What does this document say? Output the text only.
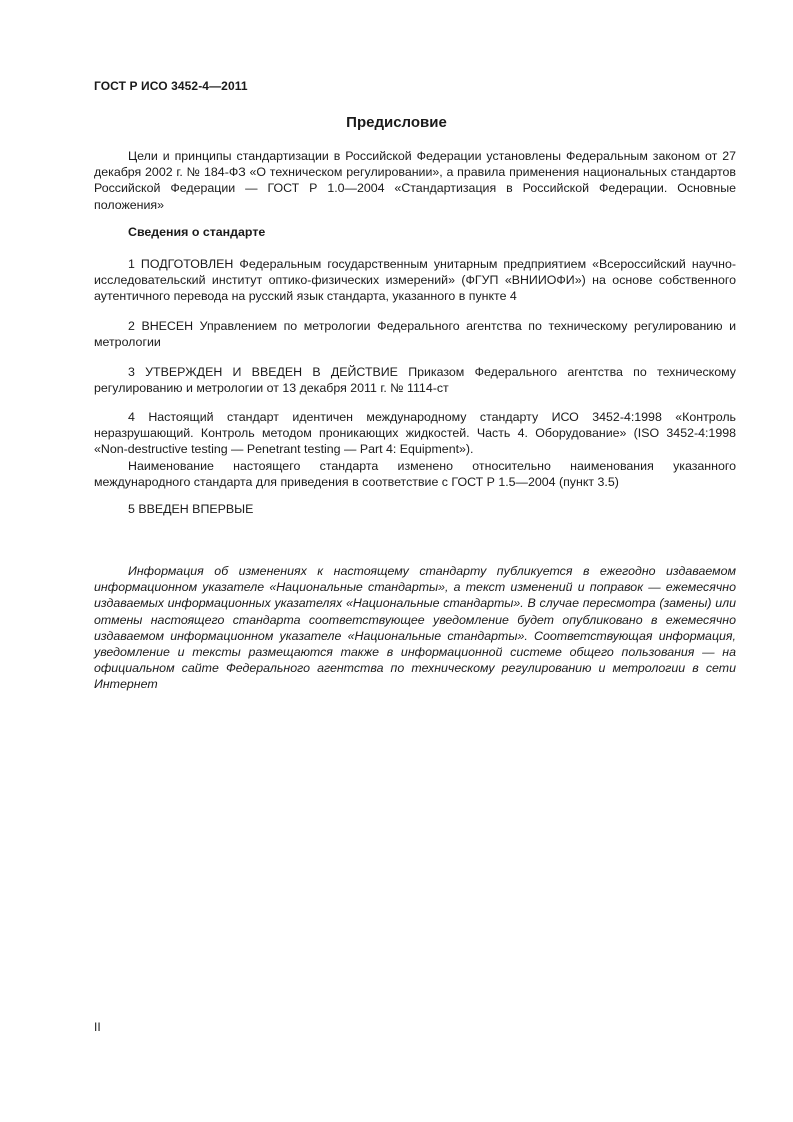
ГОСТ Р ИСО 3452-4—2011
Предисловие

Цели и принципы стандартизации в Российской Федерации установлены Федеральным законом от 27 декабря 2002 г. № 184-ФЗ «О техническом регулировании», а правила применения национальных стандартов Российской Федерации — ГОСТ Р 1.0—2004 «Стандартизация в Российской Федерации. Основные положения»

Сведения о стандарте

1 ПОДГОТОВЛЕН Федеральным государственным унитарным предприятием «Всероссийский научно-исследовательский институт оптико-физических измерений» (ФГУП «ВНИИОФИ») на основе собственного аутентичного перевода на русский язык стандарта, указанного в пункте 4

2 ВНЕСЕН Управлением по метрологии Федерального агентства по техническому регулированию и метрологии

3 УТВЕРЖДЕН И ВВЕДЕН В ДЕЙСТВИЕ Приказом Федерального агентства по техническому регулированию и метрологии от 13 декабря 2011 г. № 1114-ст

4 Настоящий стандарт идентичен международному стандарту ИСО 3452-4:1998 «Контроль неразрушающий. Контроль методом проникающих жидкостей. Часть 4. Оборудование» (ISO 3452-4:1998 «Non-destructive testing — Penetrant testing — Part 4: Equipment»).

Наименование настоящего стандарта изменено относительно наименования указанного международного стандарта для приведения в соответствие с ГОСТ Р 1.5—2004 (пункт 3.5)

5 ВВЕДЕН ВПЕРВЫЕ

Информация об изменениях к настоящему стандарту публикуется в ежегодно издаваемом информационном указателе «Национальные стандарты», а текст изменений и поправок — ежемесячно издаваемых информационных указателях «Национальные стандарты». В случае пересмотра (замены) или отмены настоящего стандарта соответствующее уведомление будет опубликовано в ежемесячно издаваемом информационном указателе «Национальные стандарты». Соответствующая информация, уведомление и тексты размещаются также в информационной системе общего пользования — на официальном сайте Федерального агентства по техническому регулированию и метрологии в сети Интернет

II
